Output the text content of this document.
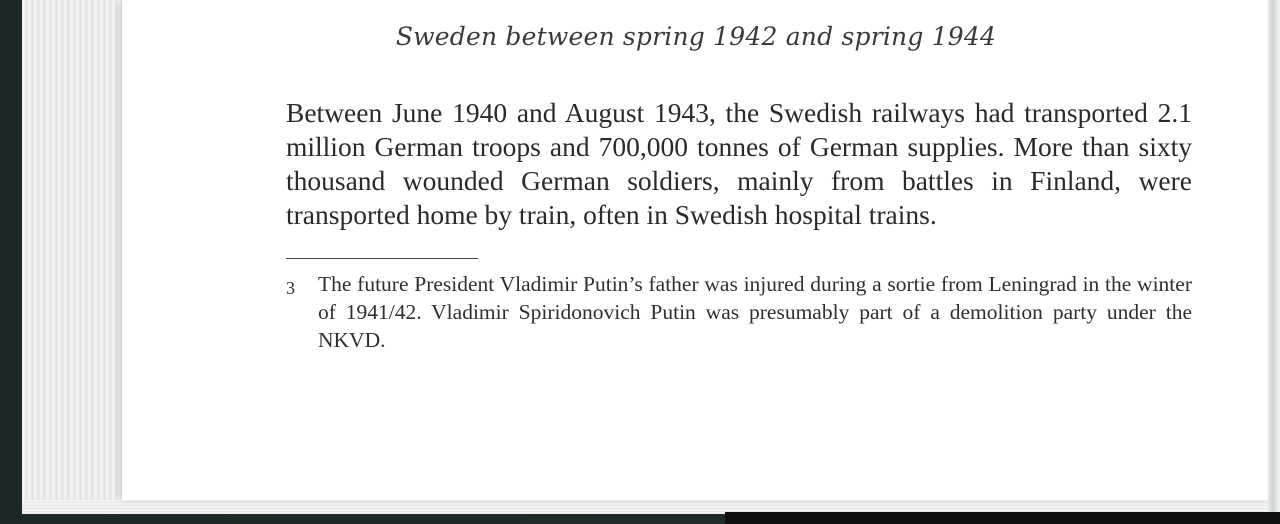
Sweden between spring 1942 and spring 1944
Between June 1940 and August 1943, the Swedish railways had transported 2.1 million German troops and 700,000 tonnes of German supplies. More than sixty thousand wounded German soldiers, mainly from battles in Finland, were transported home by train, often in Swedish hospital trains.
3 The future President Vladimir Putin’s father was injured during a sortie from Leningrad in the winter of 1941/42. Vladimir Spiridonovich Putin was presumably part of a demolition party under the NKVD.
